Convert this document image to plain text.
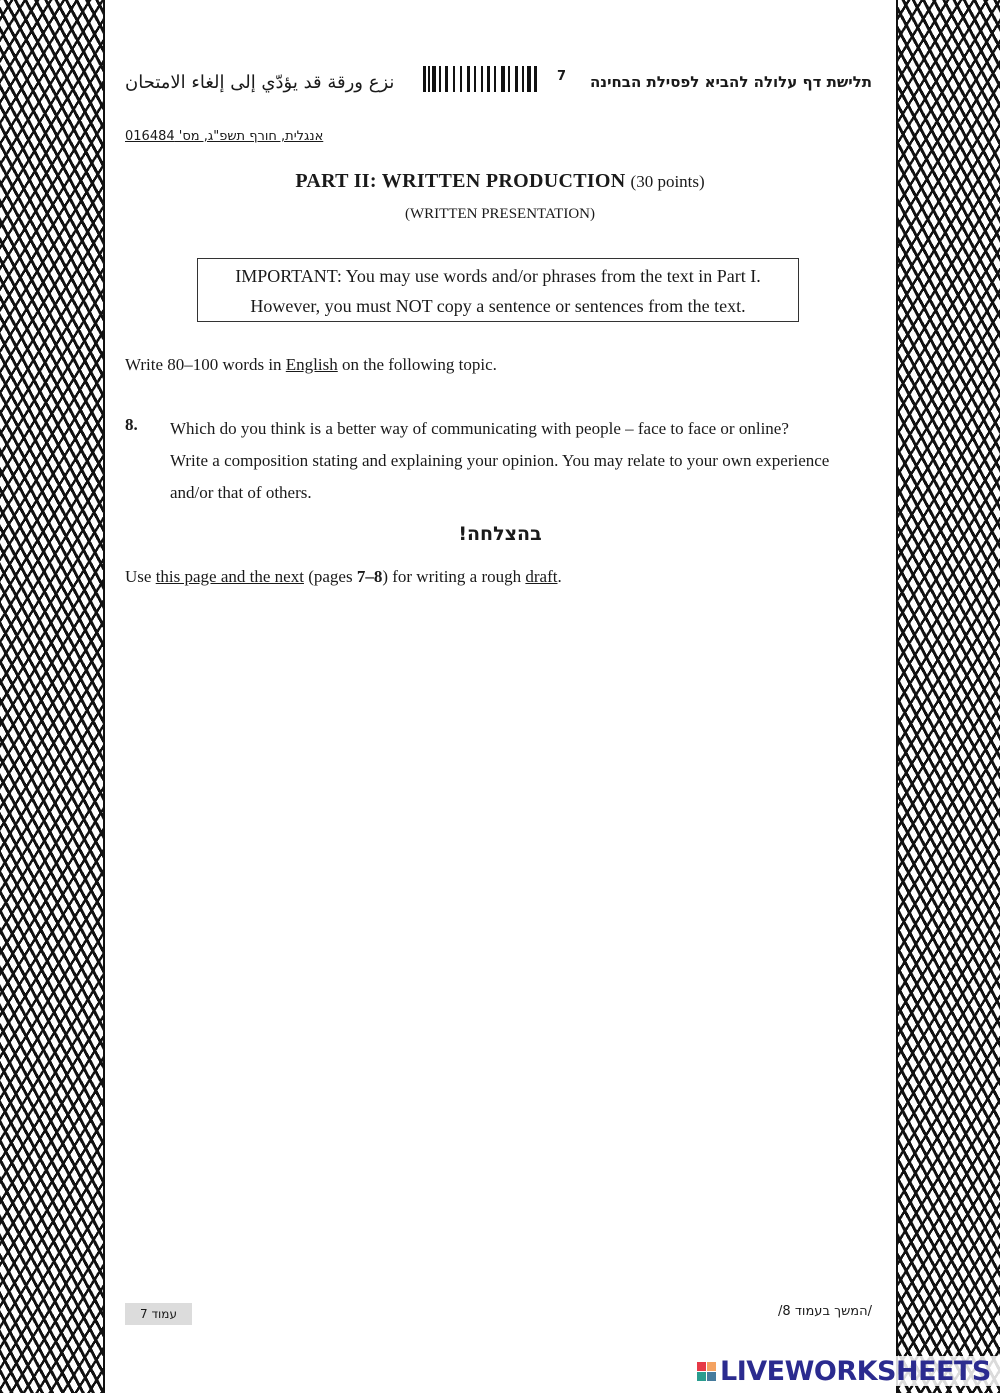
תלישת דף עלולה להביא לפסילת הבחינה
7
نزع ورقة قد يؤدّي إلى إلغاء الامتحان
אנגלית, חורף תשפ"ג, מס' 016484
PART II: WRITTEN PRODUCTION (30 points)
(WRITTEN PRESENTATION)
IMPORTANT: You may use words and/or phrases from the text in Part I.
However, you must NOT copy a sentence or sentences from the text.
Write 80–100 words in English on the following topic.
8. Which do you think is a better way of communicating with people – face to face or online?
Write a composition stating and explaining your opinion. You may relate to your own experience
and/or that of others.
בהצלחה!
Use this page and the next (pages 7–8) for writing a rough draft.
עמוד 7	/המשך בעמוד 8/
LIVEWORKSHEETS
